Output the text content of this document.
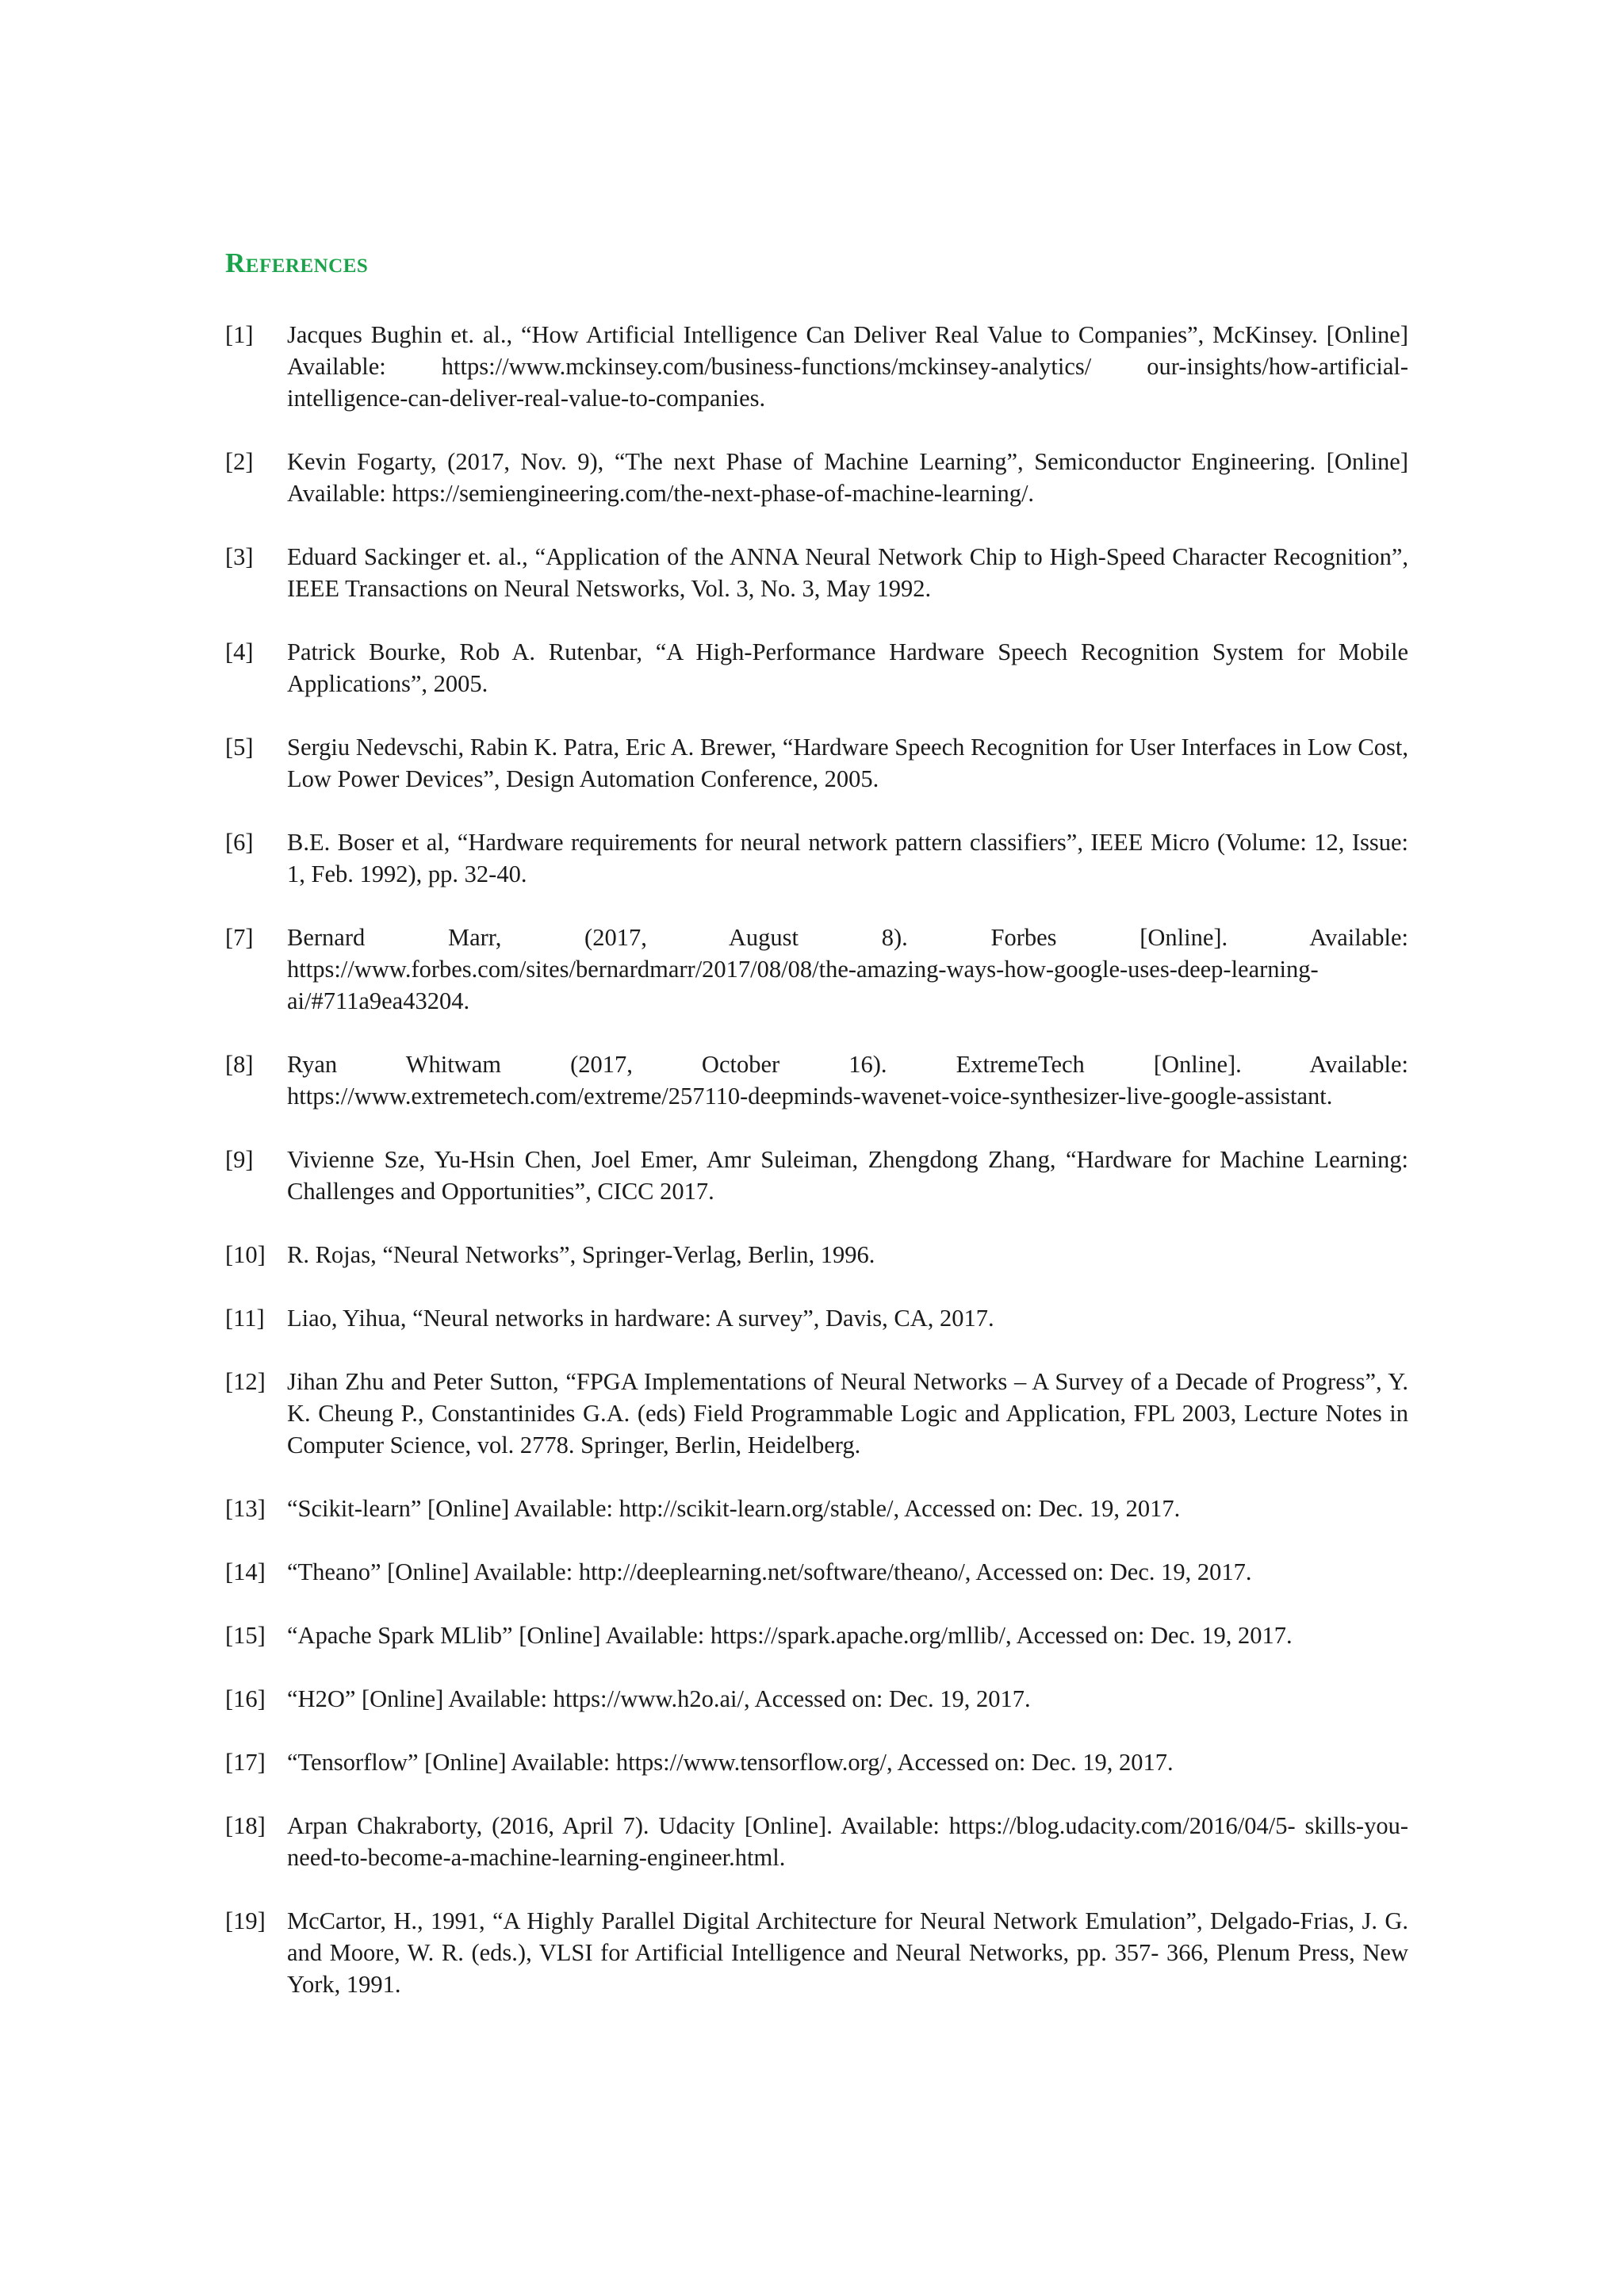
References
[1]	Jacques Bughin et. al., “How Artificial Intelligence Can Deliver Real Value to Companies”, McKinsey. [Online] Available: https://www.mckinsey.com/business-functions/mckinsey-analytics/ our-insights/how-artificial-intelligence-can-deliver-real-value-to-companies.
[2]	Kevin Fogarty, (2017, Nov. 9), “The next Phase of Machine Learning”, Semiconductor Engineering. [Online] Available: https://semiengineering.com/the-next-phase-of-machine-learning/.
[3]	Eduard Sackinger et. al., “Application of the ANNA Neural Network Chip to High-Speed Character Recognition”, IEEE Transactions on Neural Netsworks, Vol. 3, No. 3, May 1992.
[4]	Patrick Bourke, Rob A. Rutenbar, “A High-Performance Hardware Speech Recognition System for Mobile Applications”, 2005.
[5]	Sergiu Nedevschi, Rabin K. Patra, Eric A. Brewer, “Hardware Speech Recognition for User Interfaces in Low Cost, Low Power Devices”, Design Automation Conference, 2005.
[6]	B.E. Boser et al, “Hardware requirements for neural network pattern classifiers”, IEEE Micro (Volume: 12, Issue: 1, Feb. 1992), pp. 32-40.
[7]	Bernard Marr, (2017, August 8). Forbes [Online]. Available: https://www.forbes.com/sites/bernardmarr/2017/08/08/the-amazing-ways-how-google-uses-deep-learning-ai/#711a9ea43204.
[8]	Ryan Whitwam (2017, October 16). ExtremeTech [Online]. Available: https://www.extremetech.com/extreme/257110-deepminds-wavenet-voice-synthesizer-live-google-assistant.
[9]	Vivienne Sze, Yu-Hsin Chen, Joel Emer, Amr Suleiman, Zhengdong Zhang, “Hardware for Machine Learning: Challenges and Opportunities”, CICC 2017.
[10] R. Rojas, “Neural Networks”, Springer-Verlag, Berlin, 1996.
[11] Liao, Yihua, “Neural networks in hardware: A survey”, Davis, CA, 2017.
[12] Jihan Zhu and Peter Sutton, “FPGA Implementations of Neural Networks – A Survey of a Decade of Progress”, Y. K. Cheung P., Constantinides G.A. (eds) Field Programmable Logic and Application, FPL 2003, Lecture Notes in Computer Science, vol. 2778. Springer, Berlin, Heidelberg.
[13] “Scikit-learn” [Online] Available: http://scikit-learn.org/stable/, Accessed on: Dec. 19, 2017.
[14] “Theano” [Online] Available: http://deeplearning.net/software/theano/, Accessed on: Dec. 19, 2017.
[15] “Apache Spark MLlib” [Online] Available: https://spark.apache.org/mllib/, Accessed on: Dec. 19, 2017.
[16] “H2O” [Online] Available: https://www.h2o.ai/, Accessed on: Dec. 19, 2017.
[17] “Tensorflow” [Online] Available: https://www.tensorflow.org/, Accessed on: Dec. 19, 2017.
[18] Arpan Chakraborty, (2016, April 7). Udacity [Online]. Available: https://blog.udacity.com/2016/04/5- skills-you-need-to-become-a-machine-learning-engineer.html.
[19] McCartor, H., 1991, “A Highly Parallel Digital Architecture for Neural Network Emulation”, Delgado-Frias, J. G. and Moore, W. R. (eds.), VLSI for Artificial Intelligence and Neural Networks, pp. 357- 366, Plenum Press, New York, 1991.
